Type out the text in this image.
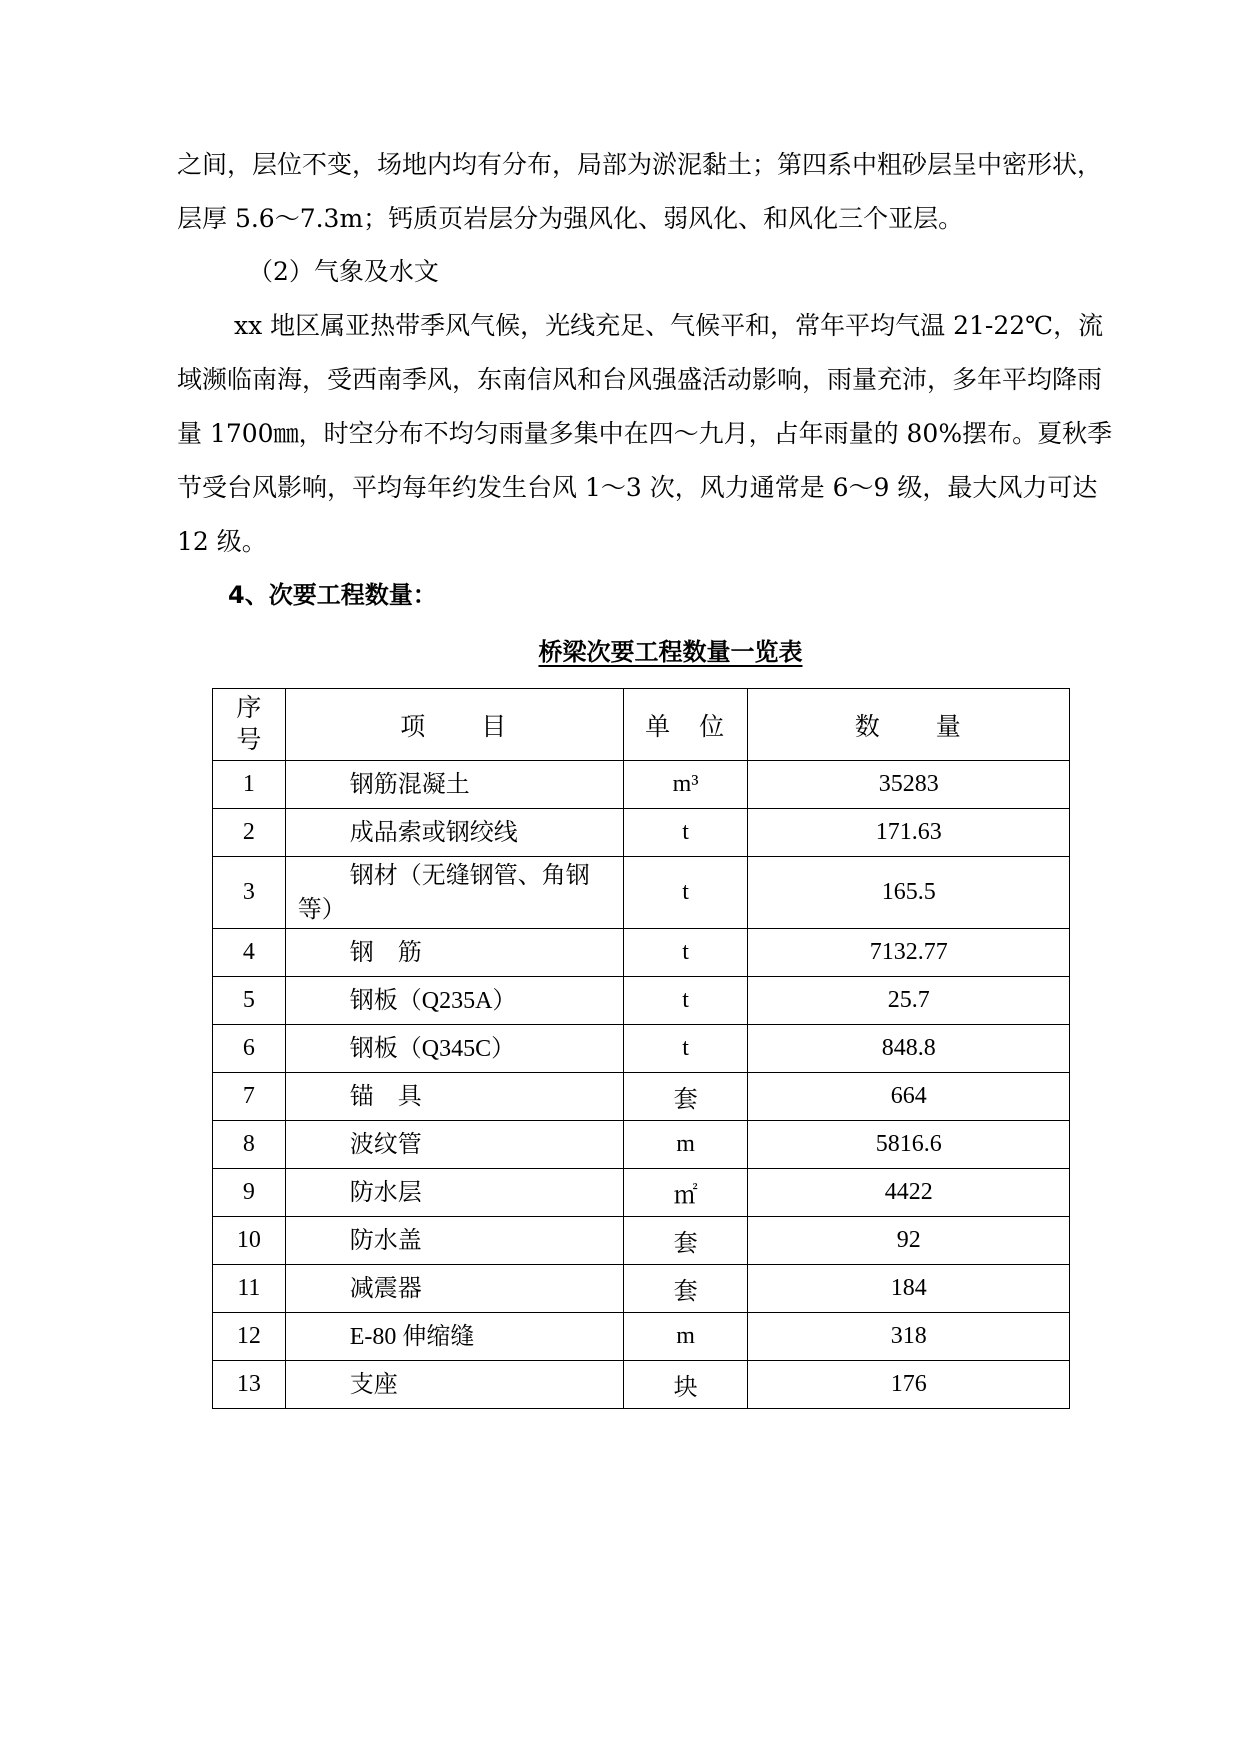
之间，层位不变，场地内均有分布，局部为淤泥黏土；第四系中粗砂层呈中密形状，层厚 5.6～7.3m；钙质页岩层分为强风化、弱风化、和风化三个亚层。

（2）气象及水文

xx 地区属亚热带季风气候，光线充足、气候平和，常年平均气温 21-22℃，流域濒临南海，受西南季风，东南信风和台风强盛活动影响，雨量充沛，多年平均降雨量 1700㎜，时空分布不均匀雨量多集中在四～九月，占年雨量的 80%摆布。夏秋季节受台风影响，平均每年约发生台风 1～3 次，风力通常是 6～9 级，最大风力可达 12 级。

4、次要工程数量：

桥梁次要工程数量一览表

序号	项　　目	单　位	数　　量
1	钢筋混凝土	m³	35283
2	成品索或钢绞线	t	171.63
3	钢材（无缝钢管、角钢等）	t	165.5
4	钢　筋	t	7132.77
5	钢板（Q235A）	t	25.7
6	钢板（Q345C）	t	848.8
7	锚　具	套	664
8	波纹管	m	5816.6
9	防水层	㎡	4422
10	防水盖	套	92
11	减震器	套	184
12	E-80 伸缩缝	m	318
13	支座	块	176
